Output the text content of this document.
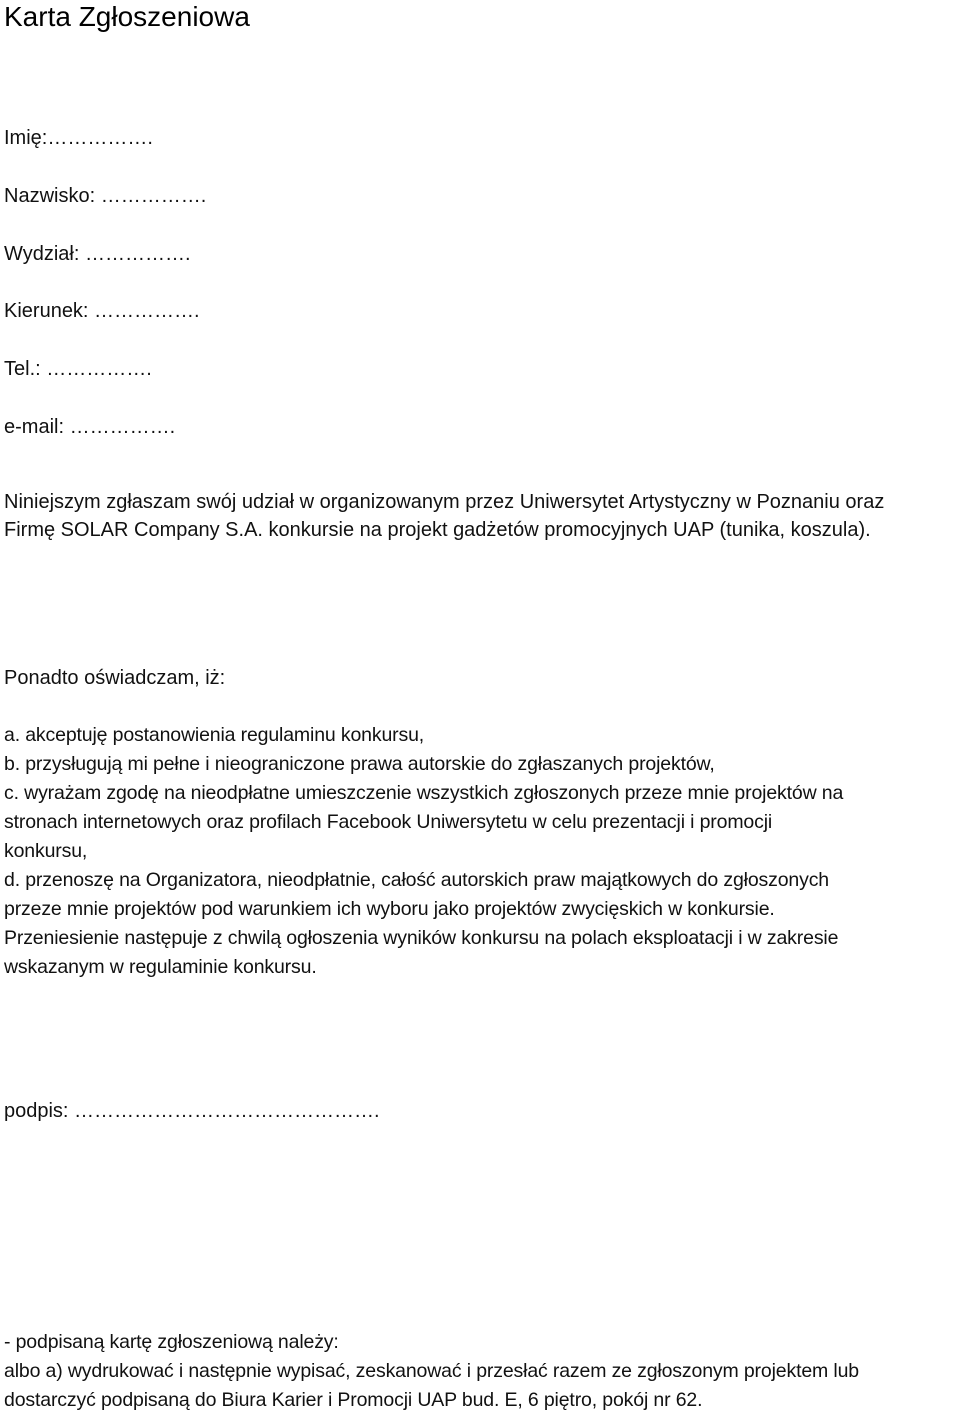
Karta Zgłoszeniowa
Imię:…………….
Nazwisko: …………….
Wydział: …………….
Kierunek: …………….
Tel.: …………….
e-mail: …………….
Niniejszym zgłaszam swój udział w organizowanym przez Uniwersytet Artystyczny w Poznaniu oraz
Firmę SOLAR Company S.A. konkursie na projekt gadżetów promocyjnych UAP (tunika, koszula).
Ponadto oświadczam, iż:
a. akceptuję postanowienia regulaminu konkursu,
b. przysługują mi pełne i nieograniczone prawa autorskie do zgłaszanych projektów,
c. wyrażam zgodę na nieodpłatne umieszczenie wszystkich zgłoszonych przeze mnie projektów na
stronach internetowych oraz profilach Facebook Uniwersytetu w celu prezentacji i promocji
konkursu,
d. przenoszę na Organizatora, nieodpłatnie, całość autorskich praw majątkowych do zgłoszonych
przeze mnie projektów pod warunkiem ich wyboru jako projektów zwycięskich w konkursie.
Przeniesienie następuje z chwilą ogłoszenia wyników konkursu na polach eksploatacji i w zakresie
wskazanym w regulaminie konkursu.
podpis: ……………………………………….
- podpisaną kartę zgłoszeniową należy:
albo a) wydrukować i następnie wypisać, zeskanować i przesłać razem ze zgłoszonym projektem lub
dostarczyć podpisaną do Biura Karier i Promocji UAP bud. E, 6 piętro, pokój nr 62.
